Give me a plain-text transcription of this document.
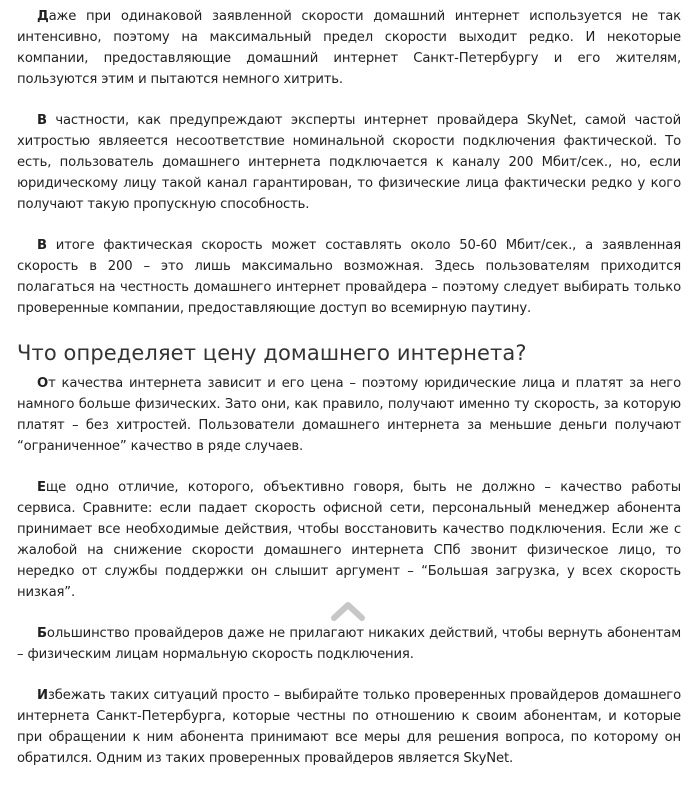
Даже при одинаковой заявленной скорости домашний интернет используется не так интенсивно, поэтому на максимальный предел скорости выходит редко. И некоторые компании, предоставляющие домашний интернет Санкт-Петербургу и его жителям, пользуются этим и пытаются немного хитрить.

В частности, как предупреждают эксперты интернет провайдера SkyNet, самой частой хитростью являеется несоответствие номинальной скорости подключения фактической. То есть, пользователь домашнего интернета подключается к каналу 200 Мбит/сек., но, если юридическому лицу такой канал гарантирован, то физические лица фактически редко у кого получают такую пропускную способность.

В итоге фактическая скорость может составлять около 50-60 Мбит/сек., а заявленная скорость в 200 – это лишь максимально возможная. Здесь пользователям приходится полагаться на честность домашнего интернет провайдера – поэтому следует выбирать только проверенные компании, предоставляющие доступ во всемирную паутину.

Что определяет цену домашнего интернета?

От качества интернета зависит и его цена – поэтому юридические лица и платят за него намного больше физических. Зато они, как правило, получают именно ту скорость, за которую платят – без хитростей. Пользователи домашнего интернета за меньшие деньги получают “ограниченное” качество в ряде случаев.

Еще одно отличие, которого, объективно говоря, быть не должно – качество работы сервиса. Сравните: если падает скорость офисной сети, персональный менеджер абонента принимает все необходимые действия, чтобы восстановить качество подключения. Если же с жалобой на снижение скорости домашнего интернета СПб звонит физическое лицо, то нередко от службы поддержки он слышит аргумент – “Большая загрузка, у всех скорость низкая”.

Большинство провайдеров даже не прилагают никаких действий, чтобы вернуть абонентам – физическим лицам нормальную скорость подключения.

Избежать таких ситуаций просто – выбирайте только проверенных провайдеров домашнего интернета Санкт-Петербурга, которые честны по отношению к своим абонентам, и которые при обращении к ним абонента принимают все меры для решения вопроса, по которому он обратился. Одним из таких проверенных провайдеров является SkyNet.
